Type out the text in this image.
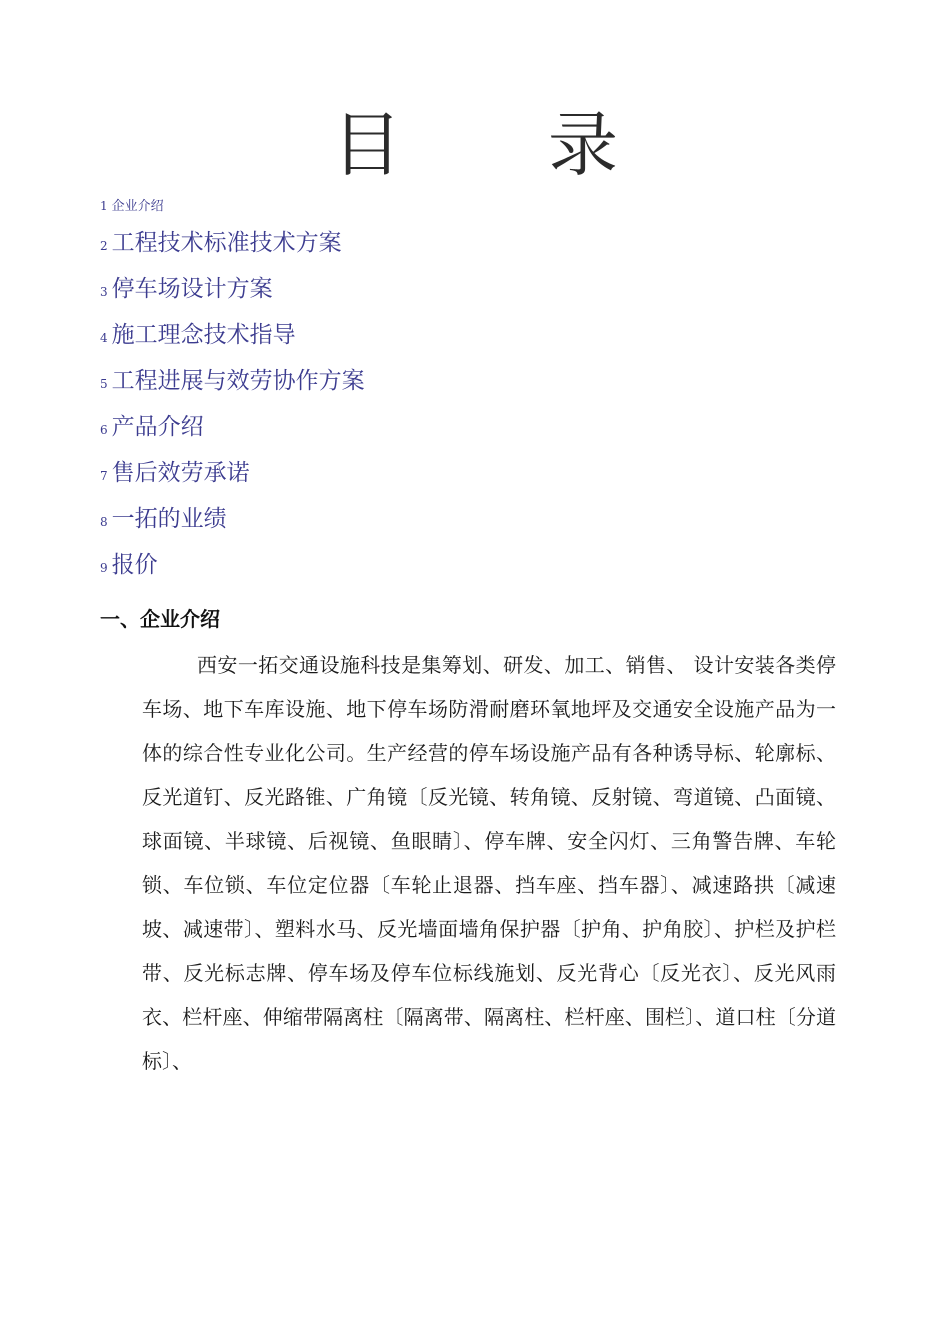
目　录
1 企业介绍
2 工程技术标准技术方案
3 停车场设计方案
4 施工理念技术指导
5 工程进展与效劳协作方案
6 产品介绍
7 售后效劳承诺
8 一拓的业绩
9 报价
一、企业介绍

西安一拓交通设施科技是集筹划、研发、加工、销售、 设计安装各类停车场、地下车库设施、地下停车场防滑耐磨环氧地坪及交通安全设施产品为一体的综合性专业化公司。生产经营的停车场设施产品有各种诱导标、轮廓标、反光道钉、反光路锥、广角镜〔反光镜、转角镜、反射镜、弯道镜、凸面镜、球面镜、半球镜、后视镜、鱼眼睛〕、停车牌、安全闪灯、三角警告牌、车轮锁、车位锁、车位定位器〔车轮止退器、挡车座、挡车器〕、减速路拱〔减速坡、减速带〕、塑料水马、反光墙面墙角保护器〔护角、护角胶〕、护栏及护栏带、反光标志牌、停车场及停车位标线施划、反光背心〔反光衣〕、反光风雨衣、栏杆座、伸缩带隔离柱〔隔离带、隔离柱、栏杆座、围栏〕、道口柱〔分道标〕、
